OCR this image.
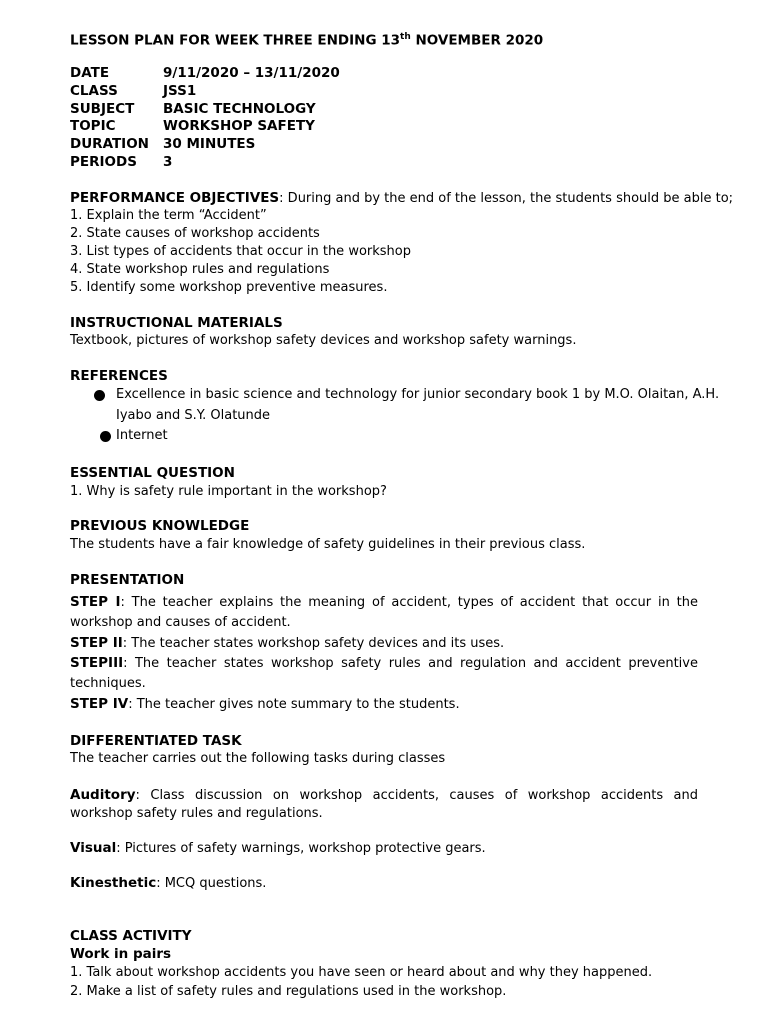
LESSON PLAN FOR WEEK THREE ENDING 13th NOVEMBER 2020
DATE	9/11/2020 – 13/11/2020
CLASS	JSS1
SUBJECT BASIC TECHNOLOGY
TOPIC	WORKSHOP SAFETY
DURATION 30 MINUTES
PERIODS 3
PERFORMANCE OBJECTIVES: During and by the end of the lesson, the students should be able to;
1. Explain the term “Accident”
2. State causes of workshop accidents
3. List types of accidents that occur in the workshop
4. State workshop rules and regulations
5. Identify some workshop preventive measures.
INSTRUCTIONAL MATERIALS
Textbook, pictures of workshop safety devices and workshop safety warnings.
REFERENCES
Excellence in basic science and technology for junior secondary book 1 by M.O. Olaitan, A.H.
Iyabo and S.Y. Olatunde
Internet
ESSENTIAL QUESTION
1. Why is safety rule important in the workshop?
PREVIOUS KNOWLEDGE
The students have a fair knowledge of safety guidelines in their previous class.
PRESENTATION
STEP I: The teacher explains the meaning of accident, types of accident that occur in the workshop and causes of accident.
STEP II: The teacher states workshop safety devices and its uses.
STEPIII: The teacher states workshop safety rules and regulation and accident preventive techniques.
STEP IV: The teacher gives note summary to the students.
DIFFERENTIATED TASK
The teacher carries out the following tasks during classes
Auditory: Class discussion on workshop accidents, causes of workshop accidents and workshop safety rules and regulations.
Visual: Pictures of safety warnings, workshop protective gears.
Kinesthetic: MCQ questions.
CLASS ACTIVITY
Work in pairs
1. Talk about workshop accidents you have seen or heard about and why they happened.
2. Make a list of safety rules and regulations used in the workshop.
